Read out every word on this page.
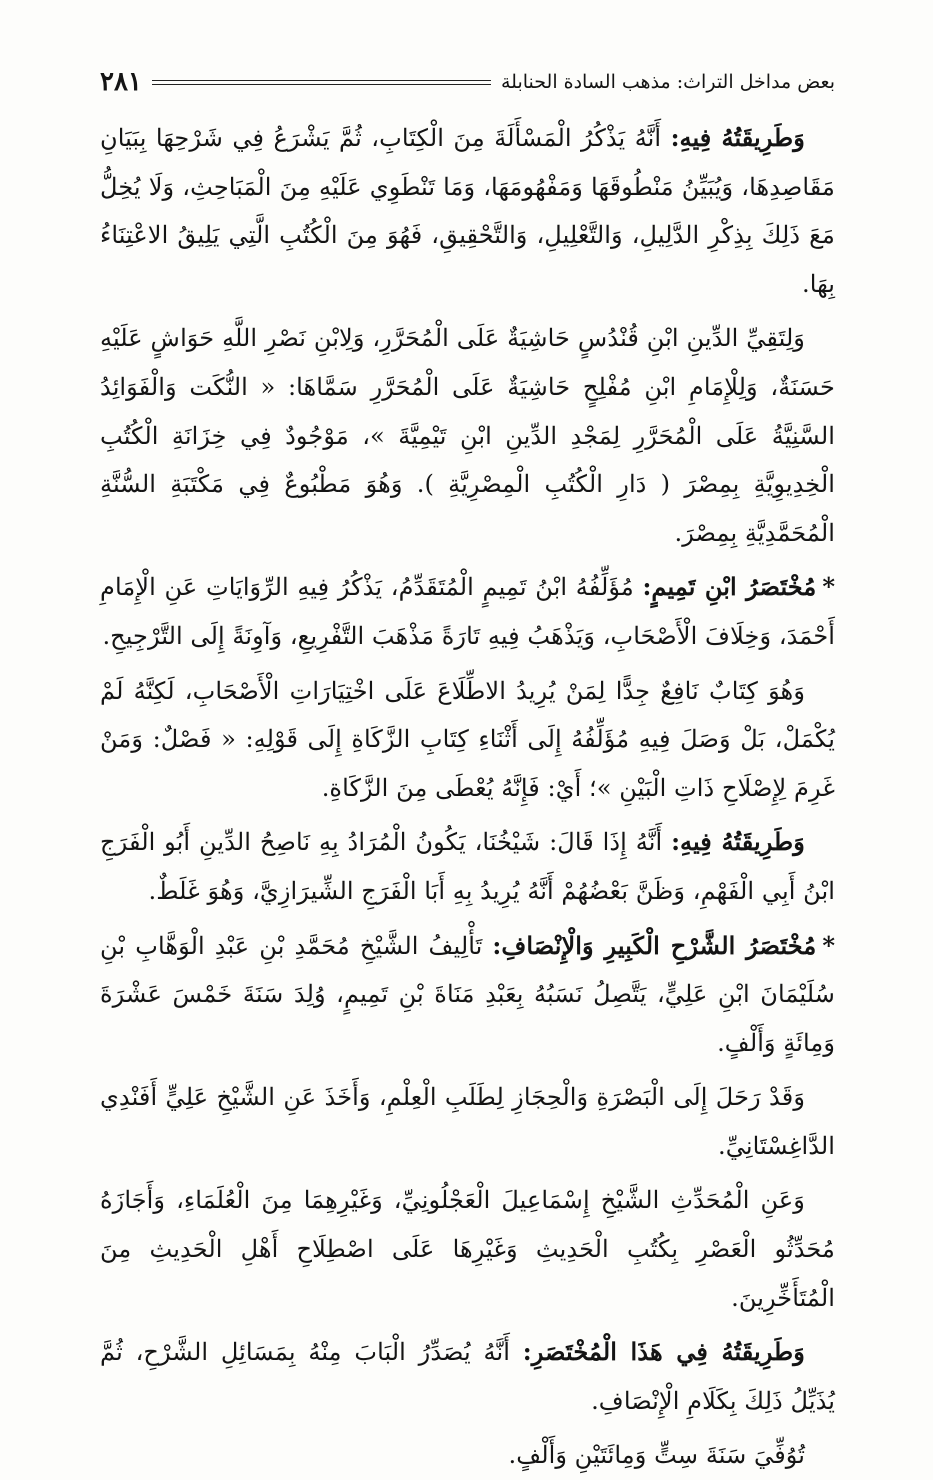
بعض مداخل التراث: مذهب السادة الحنابلة
٢٨١

وَطَرِيقَتُهُ فِيهِ: أَنَّهُ يَذْكُرُ الْمَسْأَلَةَ مِنَ الْكِتَابِ، ثُمَّ يَشْرَعُ فِي شَرْحِهَا بِبَيَانِ مَقَاصِدِهَا، وَيُبَيِّنُ مَنْطُوقَهَا وَمَفْهُومَهَا، وَمَا تَنْطَوِي عَلَيْهِ مِنَ الْمَبَاحِثِ، وَلَا يُخِلُّ مَعَ ذَلِكَ بِذِكْرِ الدَّلِيلِ، وَالتَّعْلِيلِ، وَالتَّحْقِيقِ، فَهُوَ مِنَ الْكُتُبِ الَّتِي يَلِيقُ الاعْتِنَاءُ بِهَا.

وَلِتَقِيِّ الدِّينِ ابْنِ قُنْدُسٍ حَاشِيَةٌ عَلَى الْمُحَرَّرِ، وَلِابْنِ نَصْرِ اللَّهِ حَوَاشٍ عَلَيْهِ حَسَنَةٌ، وَلِلْإِمَامِ ابْنِ مُفْلِحٍ حَاشِيَةٌ عَلَى الْمُحَرَّرِ سَمَّاهَا: « النُّكَت وَالْفَوَائِدُ السَّنِيَّةُ عَلَى الْمُحَرَّرِ لِمَجْدِ الدِّينِ ابْنِ تَيْمِيَّةَ »، مَوْجُودٌ فِي خِزَانَةِ الْكُتُبِ الْخِدِيوِيَّةِ بِمِصْرَ ( دَارِ الْكُتُبِ الْمِصْرِيَّةِ ). وَهُوَ مَطْبُوعٌ فِي مَكْتَبَةِ السُّنَّةِ الْمُحَمَّدِيَّةِ بِمِصْرَ.

*مُخْتَصَرُ ابْنِ تَمِيمٍ: مُؤَلِّفُهُ ابْنُ تَمِيمٍ الْمُتَقَدِّمُ، يَذْكُرُ فِيهِ الرِّوَايَاتِ عَنِ الْإِمَامِ أَحْمَدَ، وَخِلَافَ الْأَصْحَابِ، وَيَذْهَبُ فِيهِ تَارَةً مَذْهَبَ التَّفْرِيعِ، وَآوِنَةً إِلَى التَّرْجِيحِ.

وَهُوَ كِتَابٌ نَافِعٌ جِدًّا لِمَنْ يُرِيدُ الاطِّلَاعَ عَلَى اخْتِيَارَاتِ الْأَصْحَابِ، لَكِنَّهُ لَمْ يُكْمَلْ، بَلْ وَصَلَ فِيهِ مُؤَلِّفُهُ إِلَى أَثْنَاءِ كِتَابِ الزَّكَاةِ إِلَى قَوْلِهِ: « فَصْلٌ: وَمَنْ غَرِمَ لِإِصْلَاحِ ذَاتِ الْبَيْنِ »؛ أَيْ: فَإِنَّهُ يُعْطَى مِنَ الزَّكَاةِ.

وَطَرِيقَتُهُ فِيهِ: أَنَّهُ إِذَا قَالَ: شَيْخُنَا، يَكُونُ الْمُرَادُ بِهِ نَاصِحُ الدِّينِ أَبُو الْفَرَجِ ابْنُ أَبِي الْفَهْمِ، وَظَنَّ بَعْضُهُمْ أَنَّهُ يُرِيدُ بِهِ أَبَا الْفَرَجِ الشِّيرَازِيَّ، وَهُوَ غَلَطٌ.

*مُخْتَصَرُ الشَّرْحِ الْكَبِيرِ وَالْإِنْصَافِ: تَأْلِيفُ الشَّيْخِ مُحَمَّدِ بْنِ عَبْدِ الْوَهَّابِ بْنِ سُلَيْمَانَ ابْنِ عَلِيٍّ، يَتَّصِلُ نَسَبُهُ بِعَبْدِ مَنَاةَ بْنِ تَمِيمٍ، وُلِدَ سَنَةَ خَمْسَ عَشْرَةَ وَمِائَةٍ وَأَلْفٍ.

وَقَدْ رَحَلَ إِلَى الْبَصْرَةِ وَالْحِجَازِ لِطَلَبِ الْعِلْمِ، وَأَخَذَ عَنِ الشَّيْخِ عَلِيٍّ أَفَنْدِي الدَّاغِسْتَانِيِّ.

وَعَنِ الْمُحَدِّثِ الشَّيْخِ إِسْمَاعِيلَ الْعَجْلُونِيِّ، وَغَيْرِهِمَا مِنَ الْعُلَمَاءِ، وَأَجَازَهُ مُحَدِّثُو الْعَصْرِ بِكُتُبِ الْحَدِيثِ وَغَيْرِهَا عَلَى اصْطِلَاحِ أَهْلِ الْحَدِيثِ مِنَ الْمُتَأَخِّرِينَ.

وَطَرِيقَتُهُ فِي هَذَا الْمُخْتَصَرِ: أَنَّهُ يُصَدِّرُ الْبَابَ مِنْهُ بِمَسَائِلِ الشَّرْحِ، ثُمَّ يُذَيِّلُ ذَلِكَ بِكَلَامِ الْإِنْصَافِ.

تُوُفِّيَ سَنَةَ سِتٍّ وَمِائَتَيْنِ وَأَلْفٍ.
